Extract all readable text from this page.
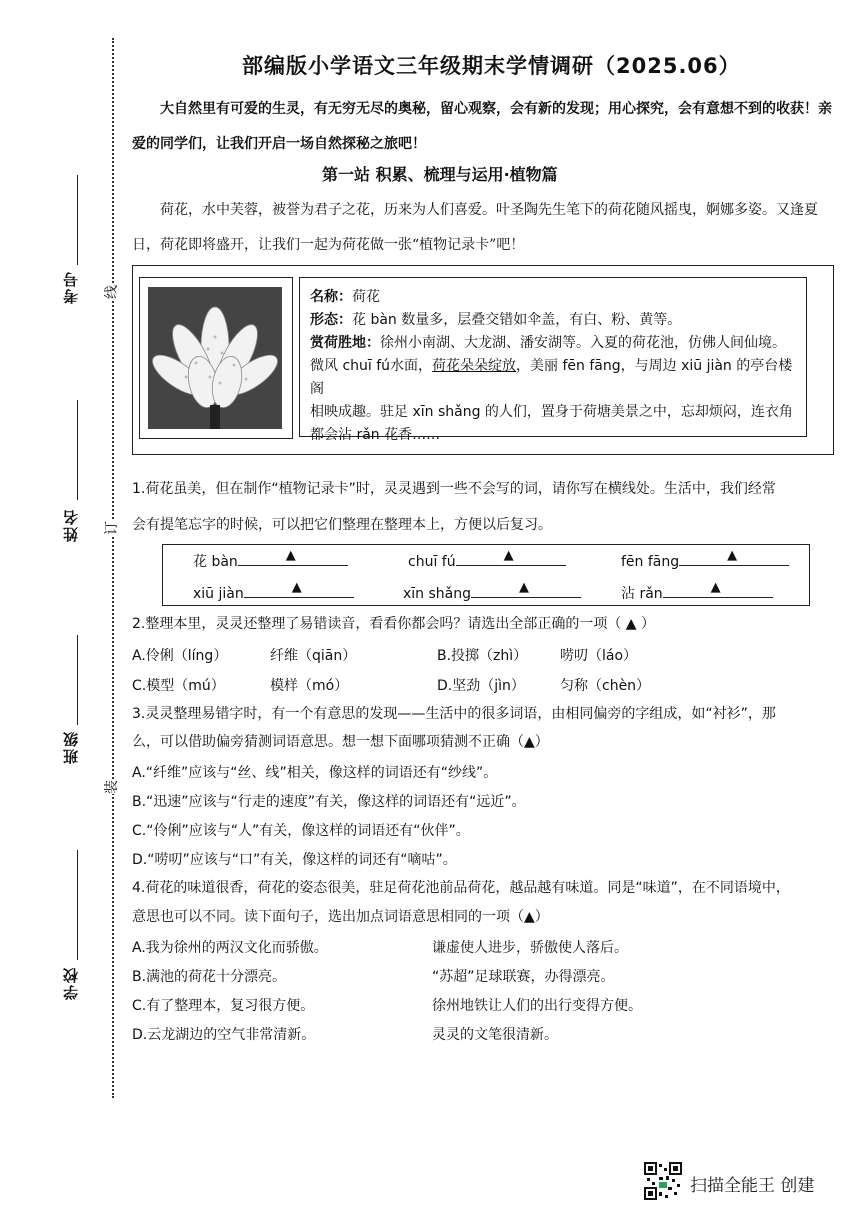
考号
姓名
班级
学校
线
订
装
部编版小学语文三年级期末学情调研（2025.06）
大自然里有可爱的生灵，有无穷无尽的奥秘，留心观察，会有新的发现；用心探究，会有意想不到的收获！亲爱的同学们，让我们开启一场自然探秘之旅吧！
第一站 积累、梳理与运用·植物篇
荷花，水中芙蓉，被誉为君子之花，历来为人们喜爱。叶圣陶先生笔下的荷花随风摇曳，婀娜多姿。又逢夏日，荷花即将盛开，让我们一起为荷花做一张“植物记录卡”吧！

名称：荷花

形态：花 bàn 数量多，层叠交错如伞盖，有白、粉、黄等。

赏荷胜地：徐州小南湖、大龙湖、潘安湖等。入夏的荷花池，仿佛人间仙境。

微风 chuī fú水面，荷花朵朵绽放，美丽 fēn fāng，与周边 xiū jiàn 的亭台楼阁

相映成趣。驻足 xīn shǎng 的人们，置身于荷塘美景之中，忘却烦闷，连衣角

都会沾 rǎn 花香……

1.荷花虽美，但在制作“植物记录卡”时，灵灵遇到一些不会写的词，请你写在横线处。生活中，我们经常
会有提笔忘字的时候，可以把它们整理在整理本上，方便以后复习。
花 bàn	▲	chuī fú	▲	fēn fāng	▲
xiū jiàn	▲	xīn shǎng	▲	沾 rǎn	▲
2.整理本里，灵灵还整理了易错读音，看看你都会吗？请选出全部正确的一项（ ▲ ）
A.伶俐（líng）	纤维（qiān）	B.投掷（zhì） 唠叨（láo）
C.模型（mú）	模样（mó）	D.坚劲（jìn）	匀称（chèn）
3.灵灵整理易错字时，有一个有意思的发现——生活中的很多词语，由相同偏旁的字组成，如“衬衫”，那
么，可以借助偏旁猜测词语意思。想一想下面哪项猜测不正确（▲）
A.“纤维”应该与“丝、线”相关，像这样的词语还有“纱线”。
B.“迅速”应该与“行走的速度”有关，像这样的词语还有“远近”。
C.“伶俐”应该与“人”有关，像这样的词语还有“伙伴”。
D.“唠叨”应该与“口”有关，像这样的词还有“嘀咕”。
4.荷花的味道很香，荷花的姿态很美，驻足荷花池前品荷花，越品越有味道。同是“味道”，在不同语境中，
意思也可以不同。读下面句子，选出加点词语意思相同的一项（▲）
A.我为徐州的两汉文化而骄傲。	谦虚使人进步，骄傲使人落后。
B.满池的荷花十分漂亮。	“苏超”足球联赛，办得漂亮。
C.有了整理本，复习很方便。	徐州地铁让人们的出行变得方便。
D.云龙湖边的空气非常清新。	灵灵的文笔很清新。
扫描全能王 创建
